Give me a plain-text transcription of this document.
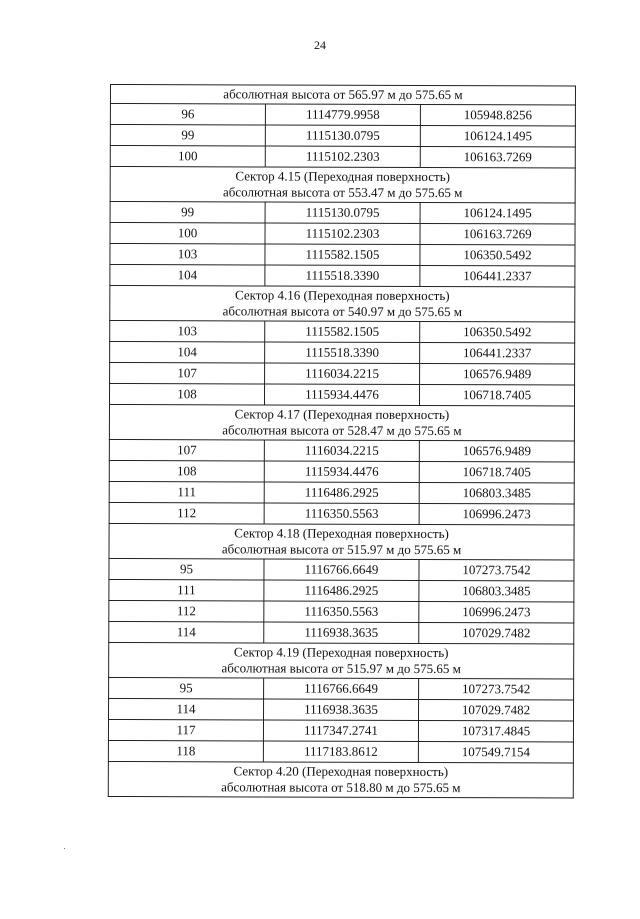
24
абсолютная высота от 565.97 м до 575.65 м		

96	1114779.9958	105948.8256
99	1115130.0795	106124.1495
100	1115102.2303	106163.7269

Сектор 4.15 (Переходная поверхность)
абсолютная высота от 553.47 м до 575.65 м		

99	1115130.0795	106124.1495
100	1115102.2303	106163.7269
103	1115582.1505	106350.5492
104	1115518.3390	106441.2337

Сектор 4.16 (Переходная поверхность)
абсолютная высота от 540.97 м до 575.65 м		

103	1115582.1505	106350.5492
104	1115518.3390	106441.2337
107	1116034.2215	106576.9489
108	1115934.4476	106718.7405

Сектор 4.17 (Переходная поверхность)
абсолютная высота от 528.47 м до 575.65 м		

107	1116034.2215	106576.9489
108	1115934.4476	106718.7405
111	1116486.2925	106803.3485
112	1116350.5563	106996.2473

Сектор 4.18 (Переходная поверхность)
абсолютная высота от 515.97 м до 575.65 м		

95	1116766.6649	107273.7542
111	1116486.2925	106803.3485
112	1116350.5563	106996.2473
114	1116938.3635	107029.7482

Сектор 4.19 (Переходная поверхность)
абсолютная высота от 515.97 м до 575.65 м		

95	1116766.6649	107273.7542
114	1116938.3635	107029.7482
117	1117347.2741	107317.4845
118	1117183.8612	107549.7154

Сектор 4.20 (Переходная поверхность)
абсолютная высота от 518.80 м до 575.65 м		
